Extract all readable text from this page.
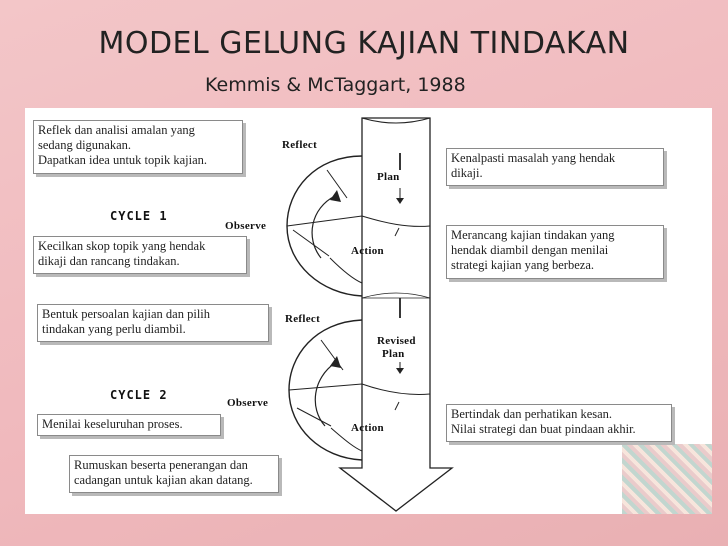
MODEL GELUNG KAJIAN TINDAKAN
Kemmis & McTaggart, 1988
Reflect
Plan
Observe
Action
CYCLE 1
Reflect
Revised
Plan
Observe
Action
CYCLE 2
Reflek dan analisi amalan yang
sedang digunakan.
Dapatkan idea untuk topik kajian.	Kenalpasti masalah yang hendak
dikaji.
Kecilkan skop topik yang hendak
dikaji dan rancang tindakan.
Merancang kajian tindakan yang
hendak diambil dengan menilai
strategi kajian yang berbeza.
Bentuk persoalan kajian dan pilih
tindakan yang perlu diambil.
Menilai keseluruhan proses.
Bertindak dan perhatikan kesan.
Nilai strategi dan buat pindaan akhir.
Rumuskan beserta penerangan dan
cadangan untuk kajian akan datang.
